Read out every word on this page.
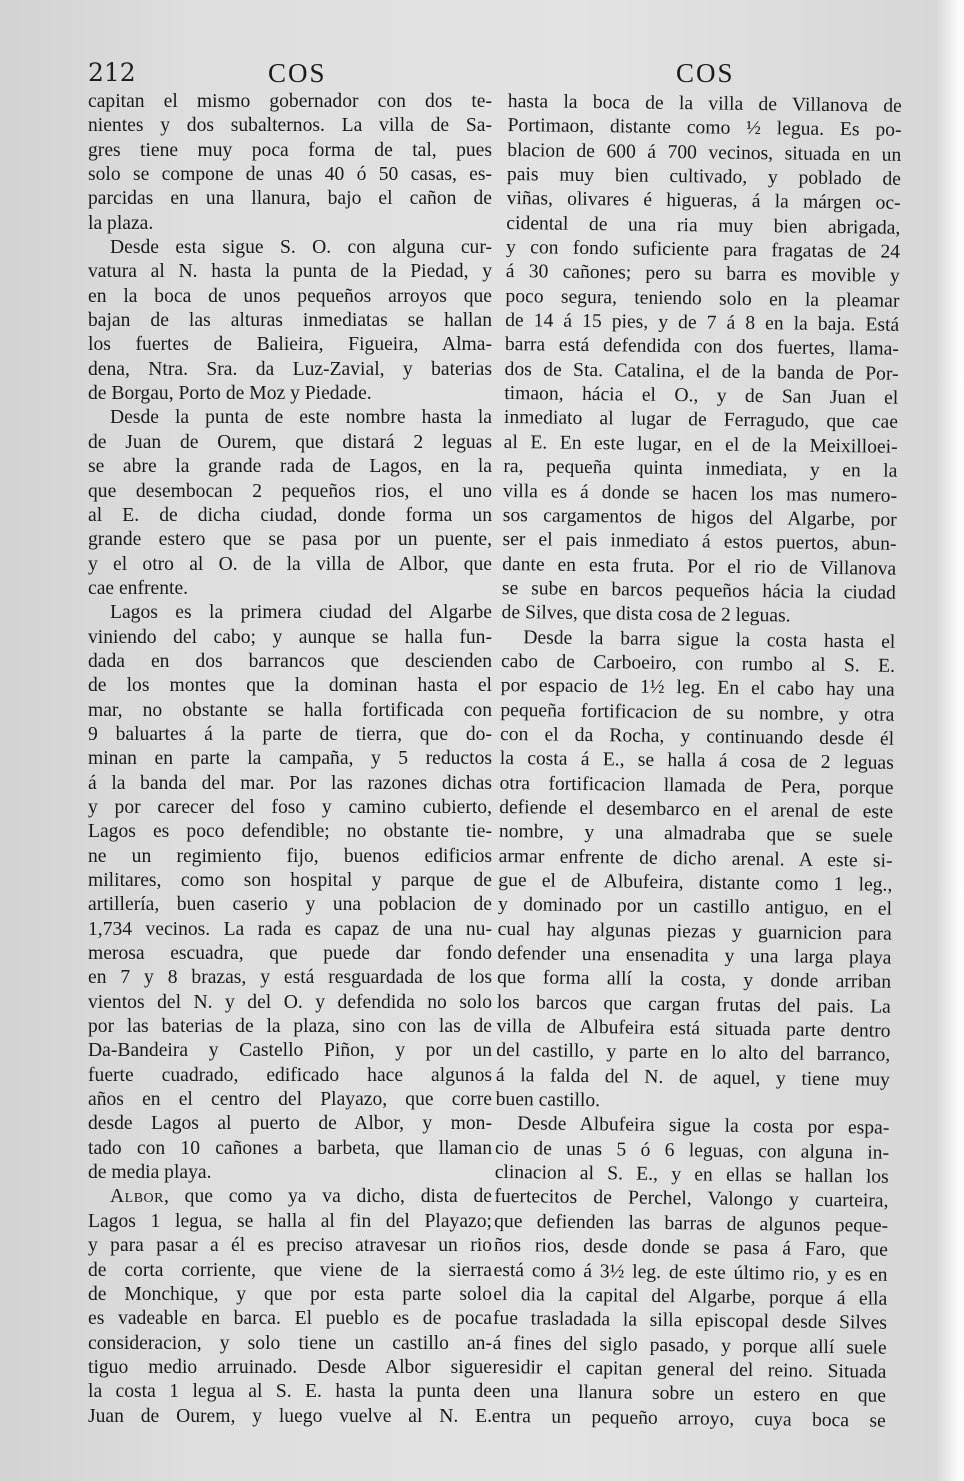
212	COS	COS
capitan el mismo gobernador con dos te-
nientes y dos subalternos. La villa de Sa-
gres tiene muy poca forma de tal, pues
solo se compone de unas 40 ó 50 casas, es-
parcidas en una llanura, bajo el cañon de
la plaza.
Desde esta sigue S. O. con alguna cur-
vatura al N. hasta la punta de la Piedad, y
en la boca de unos pequeños arroyos que
bajan de las alturas inmediatas se hallan
los fuertes de Balieira, Figueira, Alma-
dena, Ntra. Sra. da Luz-Zavial, y baterias
de Borgau, Porto de Moz y Piedade.
Desde la punta de este nombre hasta la
de Juan de Ourem, que distará 2 leguas
se abre la grande rada de Lagos, en la
que desembocan 2 pequeños rios, el uno
al E. de dicha ciudad, donde forma un
grande estero que se pasa por un puente,
y el otro al O. de la villa de Albor, que
cae enfrente.
Lagos es la primera ciudad del Algarbe
viniendo del cabo; y aunque se halla fun-
dada en dos barrancos que descienden
de los montes que la dominan hasta el
mar, no obstante se halla fortificada con
9 baluartes á la parte de tierra, que do-
minan en parte la campaña, y 5 reductos
á la banda del mar. Por las razones dichas
y por carecer del foso y camino cubierto,
Lagos es poco defendible; no obstante tie-
ne un regimiento fijo, buenos edificios
militares, como son hospital y parque de
artillería, buen caserio y una poblacion de
1,734 vecinos. La rada es capaz de una nu-
merosa escuadra, que puede dar fondo
en 7 y 8 brazas, y está resguardada de los
vientos del N. y del O. y defendida no solo
por las baterias de la plaza, sino con las de
Da-Bandeira y Castello Piñon, y por un
fuerte cuadrado, edificado hace algunos
años en el centro del Playazo, que corre
desde Lagos al puerto de Albor, y mon-
tado con 10 cañones a barbeta, que llaman
de media playa.
Albor, que como ya va dicho, dista de
Lagos 1 legua, se halla al fin del Playazo;
y para pasar a él es preciso atravesar un rio
de corta corriente, que viene de la sierra
de Monchique, y que por esta parte solo
es vadeable en barca. El pueblo es de poca
consideracion, y solo tiene un castillo an-
tiguo medio arruinado. Desde Albor sigue
la costa 1 legua al S. E. hasta la punta de
Juan de Ourem, y luego vuelve al N. E.
hasta la boca de la villa de Villanova de
Portimaon, distante como ½ legua. Es po-
blacion de 600 á 700 vecinos, situada en un
pais muy bien cultivado, y poblado de
viñas, olivares é higueras, á la márgen oc-
cidental de una ria muy bien abrigada,
y con fondo suficiente para fragatas de 24
á 30 cañones; pero su barra es movible y
poco segura, teniendo solo en la pleamar
de 14 á 15 pies, y de 7 á 8 en la baja. Está
barra está defendida con dos fuertes, llama-
dos de Sta. Catalina, el de la banda de Por-
timaon, hácia el O., y de San Juan el
inmediato al lugar de Ferragudo, que cae
al E. En este lugar, en el de la Meixilloei-
ra, pequeña quinta inmediata, y en la
villa es á donde se hacen los mas numero-
sos cargamentos de higos del Algarbe, por
ser el pais inmediato á estos puertos, abun-
dante en esta fruta. Por el rio de Villanova
se sube en barcos pequeños hácia la ciudad
de Silves, que dista cosa de 2 leguas.
Desde la barra sigue la costa hasta el
cabo de Carboeiro, con rumbo al S. E.
por espacio de 1½ leg. En el cabo hay una
pequeña fortificacion de su nombre, y otra
con el da Rocha, y continuando desde él
la costa á E., se halla á cosa de 2 leguas
otra fortificacion llamada de Pera, porque
defiende el desembarco en el arenal de este
nombre, y una almadraba que se suele
armar enfrente de dicho arenal. A este si-
gue el de Albufeira, distante como 1 leg.,
y dominado por un castillo antiguo, en el
cual hay algunas piezas y guarnicion para
defender una ensenadita y una larga playa
que forma allí la costa, y donde arriban
los barcos que cargan frutas del pais. La
villa de Albufeira está situada parte dentro
del castillo, y parte en lo alto del barranco,
á la falda del N. de aquel, y tiene muy
buen castillo.
Desde Albufeira sigue la costa por espa-
cio de unas 5 ó 6 leguas, con alguna in-
clinacion al S. E., y en ellas se hallan los
fuertecitos de Perchel, Valongo y cuarteira,
que defienden las barras de algunos peque-
ños rios, desde donde se pasa á Faro, que
está como á 3½ leg. de este último rio, y es en
el dia la capital del Algarbe, porque á ella
fue trasladada la silla episcopal desde Silves
á fines del siglo pasado, y porque allí suele
residir el capitan general del reino. Situada
en una llanura sobre un estero en que
entra un pequeño arroyo, cuya boca se
